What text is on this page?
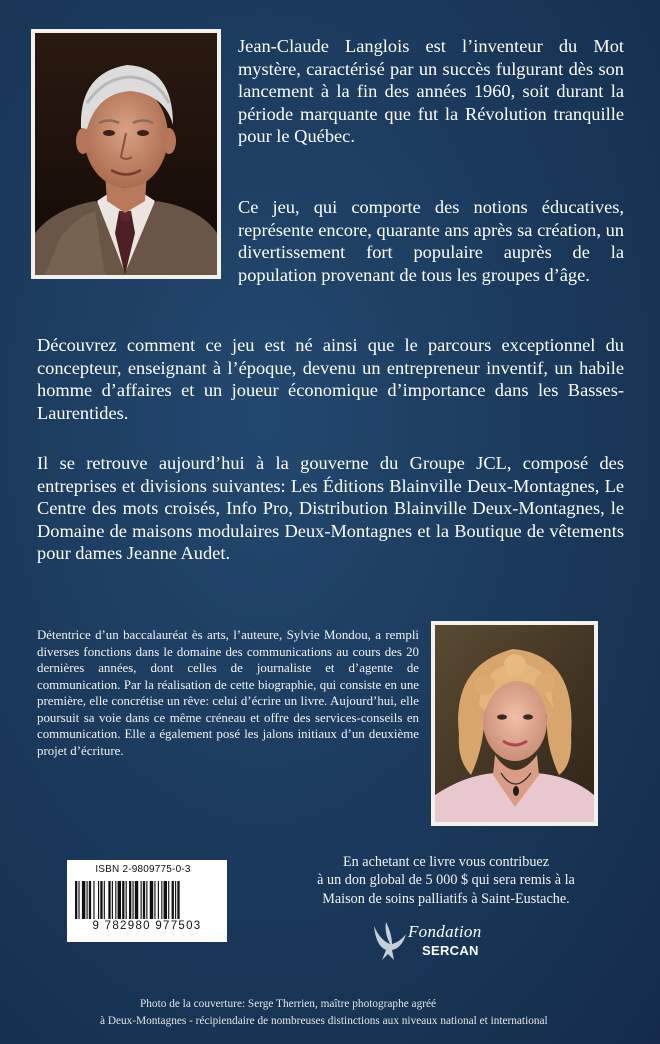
Jean-Claude Langlois est l’inventeur du Mot mystère, caractérisé par un succès fulgurant dès son lancement à la fin des années 1960, soit durant la période marquante que fut la Révolution tranquille pour le Québec.
Ce jeu, qui comporte des notions éducatives, représente encore, quarante ans après sa création, un divertissement fort populaire auprès de la population provenant de tous les groupes d’âge.
Découvrez comment ce jeu est né ainsi que le parcours exceptionnel du concepteur, enseignant à l’époque, devenu un entrepreneur inventif, un habile homme d’affaires et un joueur économique d’importance dans les Basses-Laurentides.
Il se retrouve aujourd’hui à la gouverne du Groupe JCL, composé des entreprises et divisions suivantes: Les Éditions Blainville Deux-Montagnes, Le Centre des mots croisés, Info Pro, Distribution Blainville Deux-Montagnes, le Domaine de maisons modulaires Deux-Montagnes et la Boutique de vêtements pour dames Jeanne Audet.
Détentrice d’un baccalauréat ès arts, l’auteure, Sylvie Mondou, a rempli diverses fonctions dans le domaine des communications au cours des 20 dernières années, dont celles de journaliste et d’agente de communication. Par la réalisation de cette biographie, qui consiste en une première, elle concrétise un rêve: celui d’écrire un livre. Aujourd’hui, elle poursuit sa voie dans ce même créneau et offre des services-conseils en communication. Elle a également posé les jalons initiaux d’un deuxième projet d’écriture.
En achetant ce livre vous contribuez
à un don global de 5 000 $ qui sera remis à la
Maison de soins palliatifs à Saint-Eustache.
ISBN 2-9809775-0-3
9 782980 977503	Fondation
SERCAN
Photo de la couverture: Serge Therrien, maître photographe agréé
à Deux-Montagnes - récipiendaire de nombreuses distinctions aux niveaux national et international
